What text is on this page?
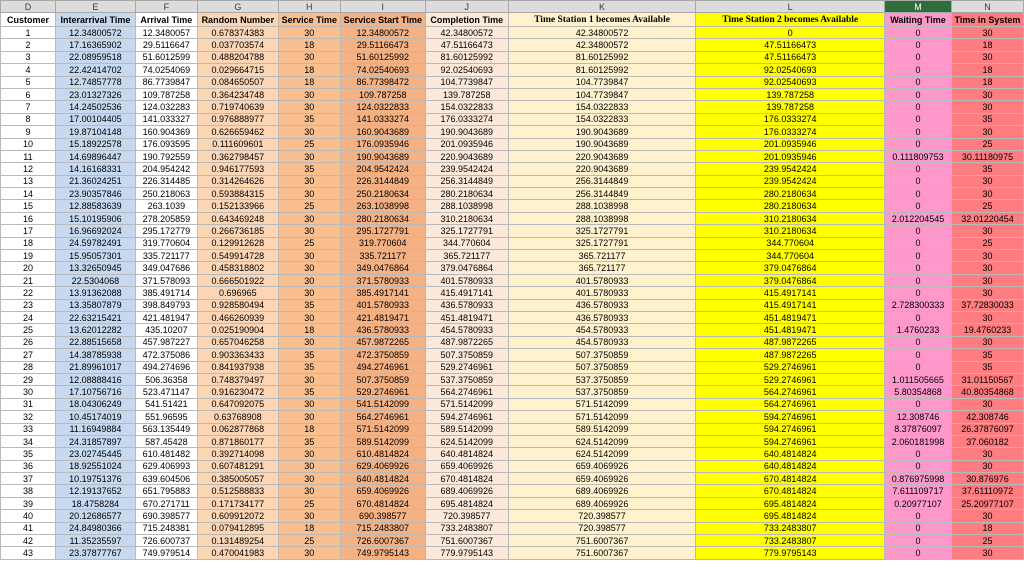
D	E	F	G	H	I	J	K	L	M	N
Customer	Interarrival Time	Arrival Time	Random Number	Service Time	Service Start Time	Completion Time	Time Station 1 becomes Available	Time Station 2 becomes Available	Waiting Time	Time in System
1	12.34800572	12.3480057	0.678374383	30	12.34800572	42.34800572	42.34800572	0	0	30
2	17.16365902	29.5116647	0.037703574	18	29.51166473	47.51166473	42.34800572	47.51166473	0	18
3	22.08959518	51.6012599	0.488204788	30	51.60125992	81.60125992	81.60125992	47.51166473	0	30
4	22.42414702	74.0254069	0.029664715	18	74.02540693	92.02540693	81.60125992	92.02540693	0	18
5	12.74857778	86.7739847	0.084650507	18	86.77398472	104.7739847	104.7739847	92.02540693	0	18
6	23.01327326	109.787258	0.364234748	30	109.787258	139.787258	104.7739847	139.787258	0	30
7	14.24502536	124.032283	0.719740639	30	124.0322833	154.0322833	154.0322833	139.787258	0	30
8	17.00104405	141.033327	0.976888977	35	141.0333274	176.0333274	154.0322833	176.0333274	0	35
9	19.87104148	160.904369	0.626659462	30	160.9043689	190.9043689	190.9043689	176.0333274	0	30
10	15.18922578	176.093595	0.111609601	25	176.0935946	201.0935946	190.9043689	201.0935946	0	25
11	14.69896447	190.792559	0.362798457	30	190.9043689	220.9043689	220.9043689	201.0935946	0.111809753	30.11180975
12	14.16168331	204.954242	0.946177593	35	204.9542424	239.9542424	220.9043689	239.9542424	0	35
13	21.36024251	226.314485	0.314264626	30	226.3144849	256.3144849	256.3144849	239.9542424	0	30
14	23.90357846	250.218063	0.593884315	30	250.2180634	280.2180634	256.3144849	280.2180634	0	30
15	12.88583639	263.1039	0.152133966	25	263.1038998	288.1038998	288.1038998	280.2180634	0	25
16	15.10195906	278.205859	0.643469248	30	280.2180634	310.2180634	288.1038998	310.2180634	2.012204545	32.01220454
17	16.96692024	295.172779	0.266736185	30	295.1727791	325.1727791	325.1727791	310.2180634	0	30
18	24.59782491	319.770604	0.129912628	25	319.770604	344.770604	325.1727791	344.770604	0	25
19	15.95057301	335.721177	0.549914728	30	335.721177	365.721177	365.721177	344.770604	0	30
20	13.32650945	349.047686	0.458318802	30	349.0476864	379.0476864	365.721177	379.0476864	0	30
21	22.5304068	371.578093	0.666501922	30	371.5780933	401.5780933	401.5780933	379.0476864	0	30
22	13.91362088	385.491714	0.696965	30	385.4917141	415.4917141	401.5780933	415.4917141	0	30
23	13.35807879	398.849793	0.928580494	35	401.5780933	436.5780933	436.5780933	415.4917141	2.728300333	37.72830033
24	22.63215421	421.481947	0.466260939	30	421.4819471	451.4819471	436.5780933	451.4819471	0	30
25	13.62012282	435.10207	0.025190904	18	436.5780933	454.5780933	454.5780933	451.4819471	1.4760233	19.4760233
26	22.88515658	457.987227	0.657046258	30	457.9872265	487.9872265	454.5780933	487.9872265	0	30
27	14.38785938	472.375086	0.903363433	35	472.3750859	507.3750859	507.3750859	487.9872265	0	35
28	21.89961017	494.274696	0.841937938	35	494.2746961	529.2746961	507.3750859	529.2746961	0	35
29	12.08888416	506.36358	0.748379497	30	507.3750859	537.3750859	537.3750859	529.2746961	1.011505665	31.01150567
30	17.10756716	523.471147	0.916230472	35	529.2746961	564.2746961	537.3750859	564.2746961	5.80354868	40.80354868
31	18.04306249	541.51421	0.647092075	30	541.5142099	571.5142099	571.5142099	564.2746961	0	30
32	10.45174019	551.96595	0.63768908	30	564.2746961	594.2746961	571.5142099	594.2746961	12.308746	42.308746
33	11.16949884	563.135449	0.062877868	18	571.5142099	589.5142099	589.5142099	594.2746961	8.37876097	26.37876097
34	24.31857897	587.45428	0.871860177	35	589.5142099	624.5142099	624.5142099	594.2746961	2.060181998	37.060182
35	23.02745445	610.481482	0.392714098	30	610.4814824	640.4814824	624.5142099	640.4814824	0	30
36	18.92551024	629.406993	0.607481291	30	629.4069926	659.4069926	659.4069926	640.4814824	0	30
37	10.19751376	639.604506	0.385005057	30	640.4814824	670.4814824	659.4069926	670.4814824	0.876975998	30.876976
38	12.19137652	651.795883	0.512588833	30	659.4069926	689.4069926	689.4069926	670.4814824	7.611109717	37.61110972
39	18.4758284	670.271711	0.171734177	25	670.4814824	695.4814824	689.4069926	695.4814824	0.20977107	25.20977107
40	20.12686577	690.398577	0.609912072	30	690.398577	720.398577	720.398577	695.4814824	0	30
41	24.84980366	715.248381	0.079412895	18	715.2483807	733.2483807	720.398577	733.2483807	0	18
42	11.35235597	726.600737	0.131489254	25	726.6007367	751.6007367	751.6007367	733.2483807	0	25
43	23.37877767	749.979514	0.470041983	30	749.9795143	779.9795143	751.6007367	779.9795143	0	30
